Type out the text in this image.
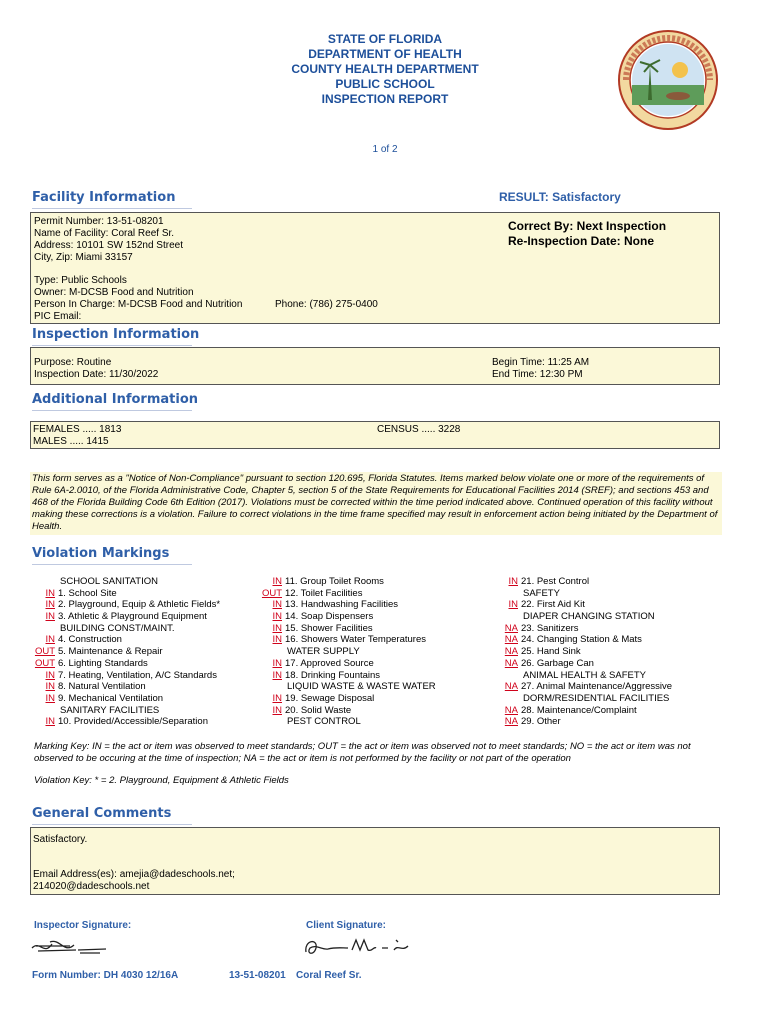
STATE OF FLORIDA
DEPARTMENT OF HEALTH
COUNTY HEALTH DEPARTMENT
PUBLIC SCHOOL
INSPECTION REPORT
1 of 2
Facility Information	RESULT: Satisfactory
Permit Number: 13-51-08201
Name of Facility: Coral Reef Sr.
Address: 10101 SW 152nd Street
City, Zip: Miami 33157
Type: Public Schools
Owner: M-DCSB Food and Nutrition
Person In Charge: M-DCSB Food and Nutrition	Phone: (786) 275-0400
PIC Email:
Correct By: Next Inspection
Re-Inspection Date: None
Inspection Information
Purpose: Routine
Inspection Date: 11/30/2022
Begin Time: 11:25 AM
End Time: 12:30 PM
Additional Information
FEMALES ..... 1813
MALES ..... 1415
CENSUS ..... 3228
This form serves as a "Notice of Non-Compliance" pursuant to section 120.695, Florida Statutes. Items marked below violate one or more of the requirements of Rule 6A-2.0010, of the Florida Administrative Code, Chapter 5, section 5 of the State Requirements for Educational Facilities 2014 (SREF); and sections 453 and 468 of the Florida Building Code 6th Edition (2017). Violations must be corrected within the time period indicated above. Continued operation of this facility without making these corrections is a violation. Failure to correct violations in the time frame specified may result in enforcement action being initiated by the Department of Health.
Violation Markings
SCHOOL SANITATION
IN 1. School Site
IN 2. Playground, Equip & Athletic Fields*
IN 3. Athletic & Playground Equipment
BUILDING CONST/MAINT.
IN 4. Construction
OUT 5. Maintenance & Repair
OUT 6. Lighting Standards
IN 7. Heating, Ventilation, A/C Standards
IN 8. Natural Ventilation
IN 9. Mechanical Ventilation
SANITARY FACILITIES
IN 10. Provided/Accessible/Separation
IN 11. Group Toilet Rooms
OUT 12. Toilet Facilities
IN 13. Handwashing Facilities
IN 14. Soap Dispensers
IN 15. Shower Facilities
IN 16. Showers Water Temperatures
WATER SUPPLY
IN 17. Approved Source
IN 18. Drinking Fountains
LIQUID WASTE & WASTE WATER
IN 19. Sewage Disposal
IN 20. Solid Waste
PEST CONTROL
IN 21. Pest Control
SAFETY
IN 22. First Aid Kit
DIAPER CHANGING STATION
NA 23. Sanitizers
NA 24. Changing Station & Mats
NA 25. Hand Sink
NA 26. Garbage Can
ANIMAL HEALTH & SAFETY
NA 27. Animal Maintenance/Aggressive
DORM/RESIDENTIAL FACILITIES
NA 28. Maintenance/Complaint
NA 29. Other
Marking Key: IN = the act or item was observed to meet standards; OUT = the act or item was observed not to meet standards; NO = the act or item was not observed to be occuring at the time of inspection; NA = the act or item is not performed by the facility or not part of the operation
Violation Key: * = 2. Playground, Equipment & Athletic Fields
General Comments
Satisfactory.
Email Address(es): amejia@dadeschools.net;
214020@dadeschools.net
Inspector Signature:	Client Signature:
Form Number: DH 4030 12/16A	13-51-08201 Coral Reef Sr.
